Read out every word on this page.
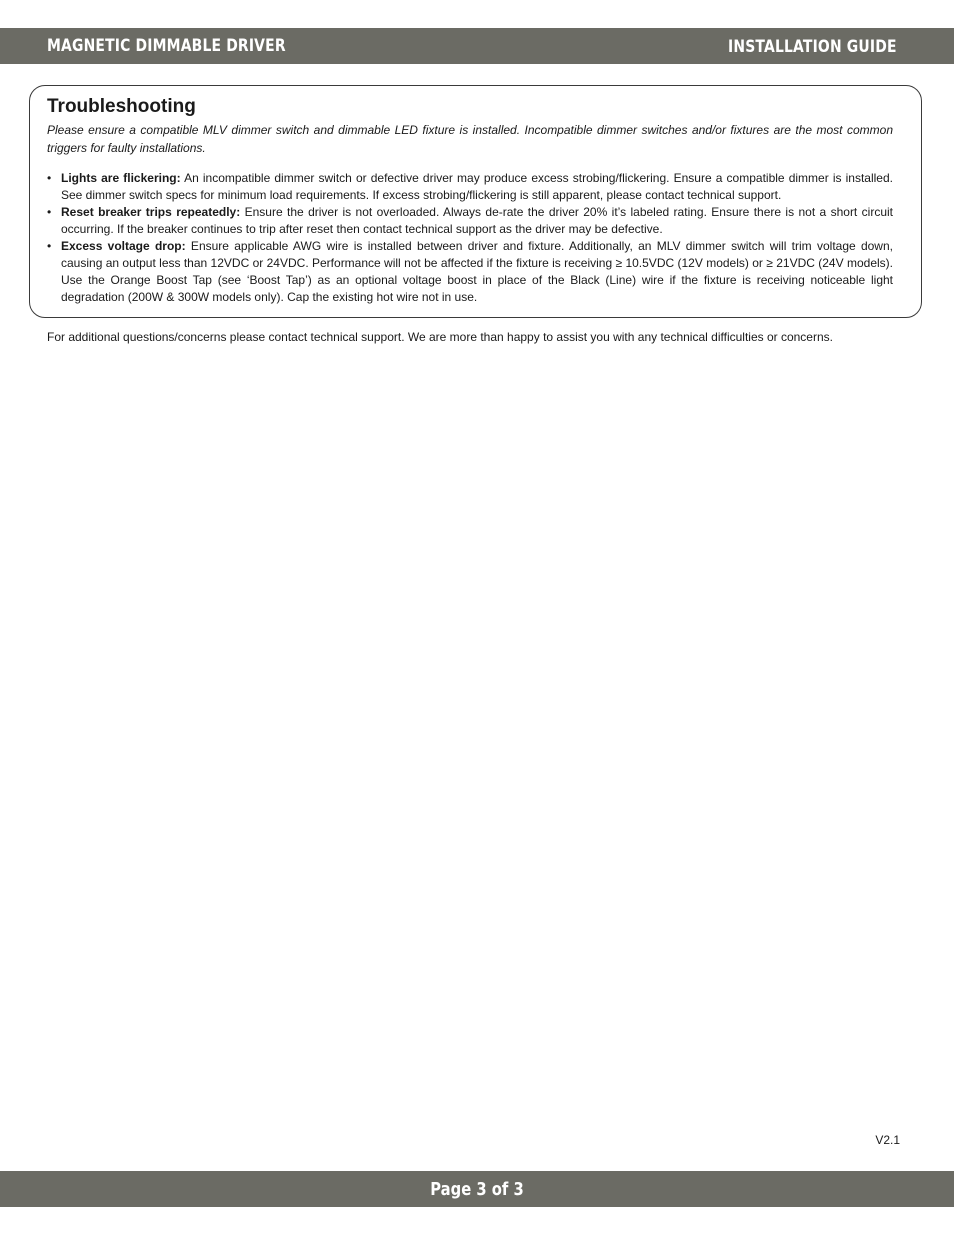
MAGNETIC DIMMABLE DRIVER	INSTALLATION GUIDE
Troubleshooting

Please ensure a compatible MLV dimmer switch and dimmable LED fixture is installed. Incompatible dimmer switches and/or fixtures are the most common triggers for faulty installations.

• Lights are flickering: An incompatible dimmer switch or defective driver may produce excess strobing/flickering. Ensure a compatible dimmer is installed. See dimmer switch specs for minimum load requirements. If excess strobing/flickering is still apparent, please contact technical support.
• Reset breaker trips repeatedly: Ensure the driver is not overloaded. Always de-rate the driver 20% it’s labeled rating. Ensure there is not a short circuit occurring. If the breaker continues to trip after reset then contact technical support as the driver may be defective.
• Excess voltage drop: Ensure applicable AWG wire is installed between driver and fixture. Additionally, an MLV dimmer switch will trim voltage down, causing an output less than 12VDC or 24VDC. Performance will not be affected if the fixture is receiving ≥ 10.5VDC (12V models) or ≥ 21VDC (24V models). Use the Orange Boost Tap (see ‘Boost Tap’) as an optional voltage boost in place of the Black (Line) wire if the fixture is receiving noticeable light degradation (200W & 300W models only). Cap the existing hot wire not in use.
For additional questions/concerns please contact technical support. We are more than happy to assist you with any technical difficulties or concerns.
V2.1
Page 3 of 3
